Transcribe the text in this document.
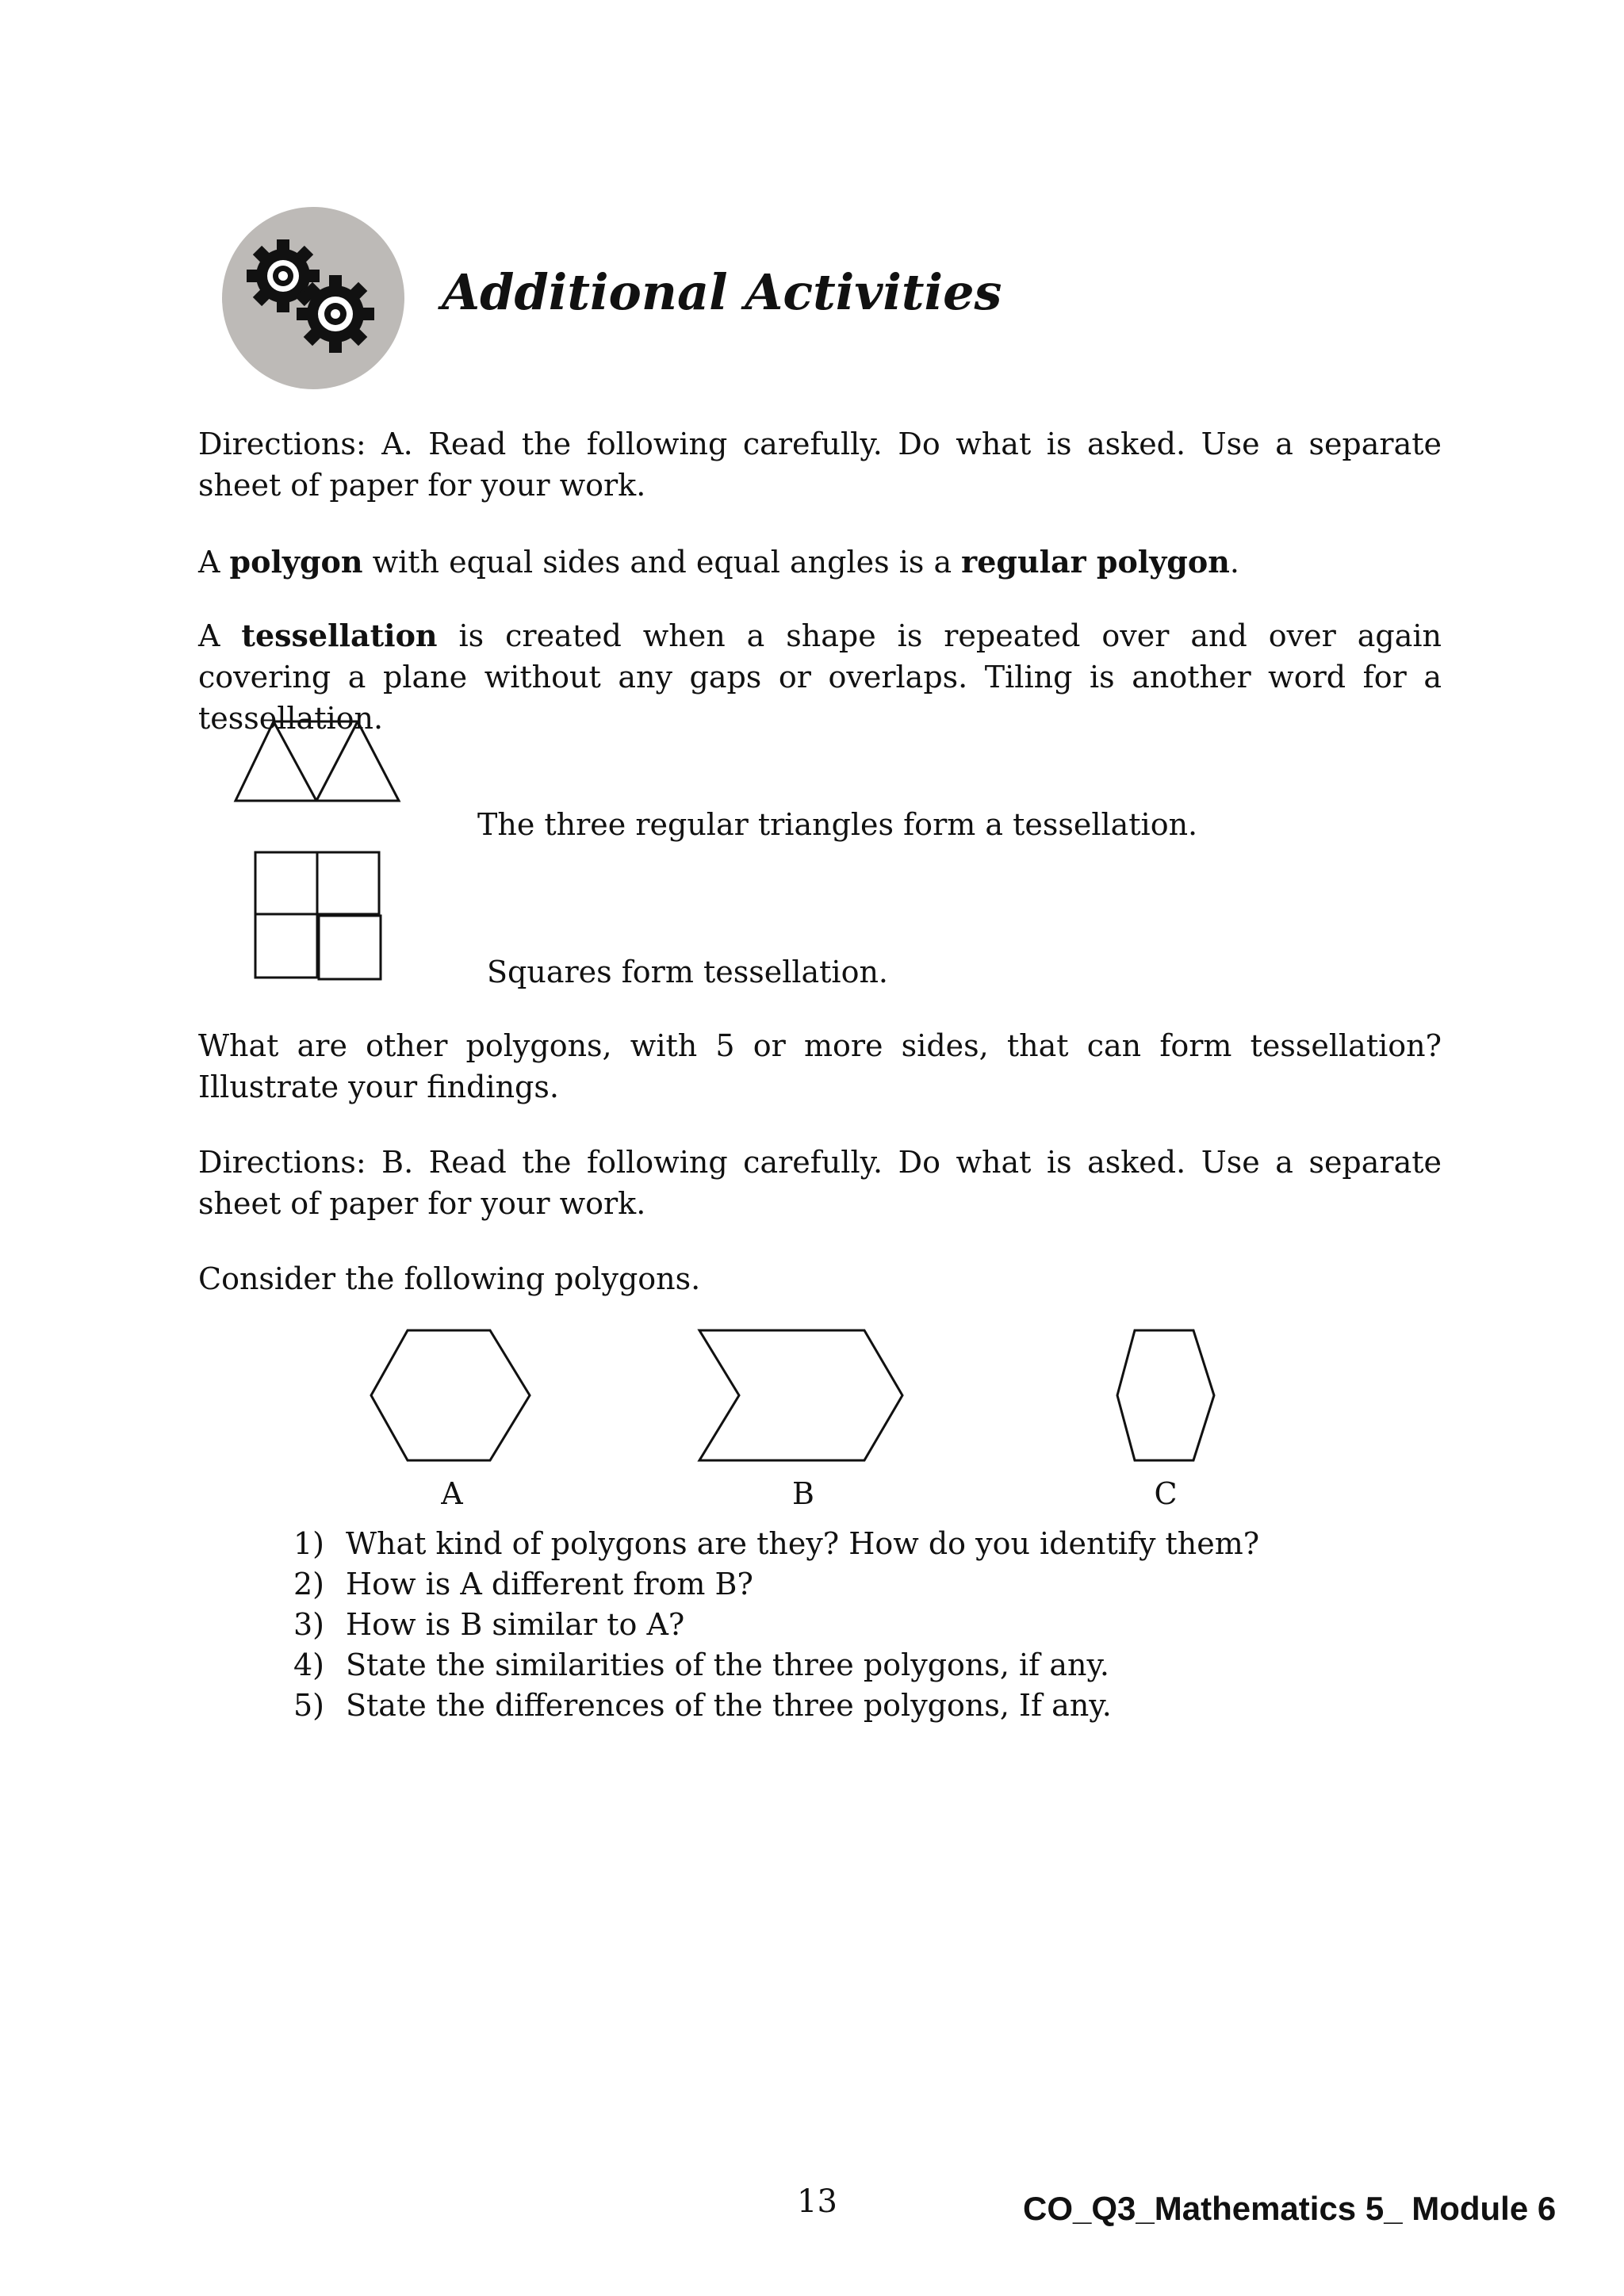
Additional Activities

Directions: A. Read the following carefully. Do what is asked. Use a separate sheet of paper for your work.

A polygon with equal sides and equal angles is a regular polygon.

A tessellation is created when a shape is repeated over and over again covering a plane without any gaps or overlaps. Tiling is another word for a tessellation.

The three regular triangles form a tessellation.
Squares form tessellation.

What are other polygons, with 5 or more sides, that can form tessellation? Illustrate your findings.

Directions: B. Read the following carefully. Do what is asked. Use a separate sheet of paper for your work.

Consider the following polygons.
A	B	C
1) What kind of polygons are they? How do you identify them?
2) How is A different from B?
3) How is B similar to A?
4) State the similarities of the three polygons, if any.
5) State the differences of the three polygons, If any.
13	CO_Q3_Mathematics 5_ Module 6
